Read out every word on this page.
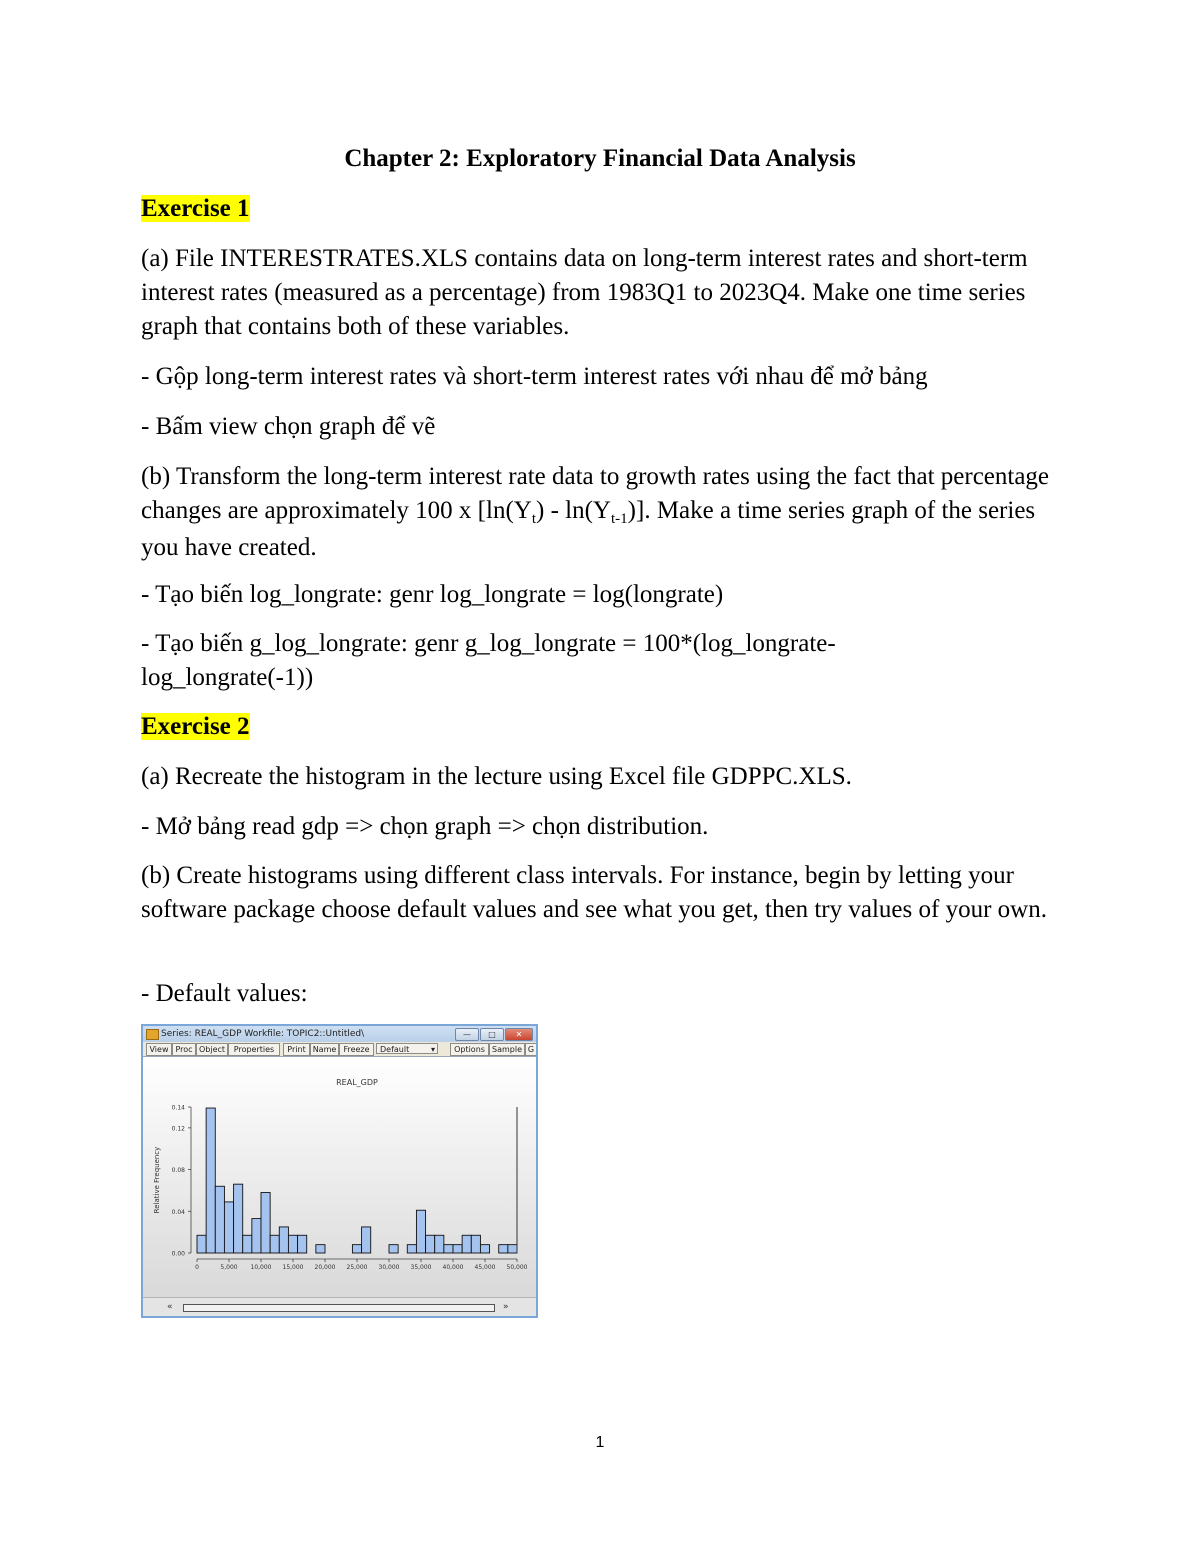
Chapter 2: Exploratory Financial Data Analysis
Exercise 1
(a) File INTERESTRATES.XLS contains data on long-term interest rates and short-term interest rates (measured as a percentage) from 1983Q1 to 2023Q4. Make one time series graph that contains both of these variables.
- Gộp long-term interest rates và short-term interest rates với nhau để mở bảng
- Bấm view chọn graph để vẽ
(b) Transform the long-term interest rate data to growth rates using the fact that percentage changes are approximately 100 x $[\ln(Y_t) - \ln(Y_{t-1})]$. Make a time series graph of the series you have created.
- Tạo biến log_longrate: genr log_longrate = log(longrate)
- Tạo biến g_log_longrate: genr g_log_longrate = 100*(log_longrate-log_longrate(-1))
Exercise 2
(a) Recreate the histogram in the lecture using Excel file GDPPC.XLS.
- Mở bảng read gdp => chọn graph => chọn distribution.
(b) Create histograms using different class intervals. For instance, begin by letting your software package choose default values and see what you get, then try values of your own.
- Default values:
Series: REAL_GDP Workfile: TOPIC2::Untitled\	—	□	✕
View Proc Object	Properties	Print Name Freeze	Default	▾	Options Sample G
REAL_GDP
Relative Frequency
0.00
0.04
0.08
0.12
0.14
0	5,000 10,000 15,000 20,000 25,000 30,000 35,000 40,000 45,000 50,000
«	»
1
